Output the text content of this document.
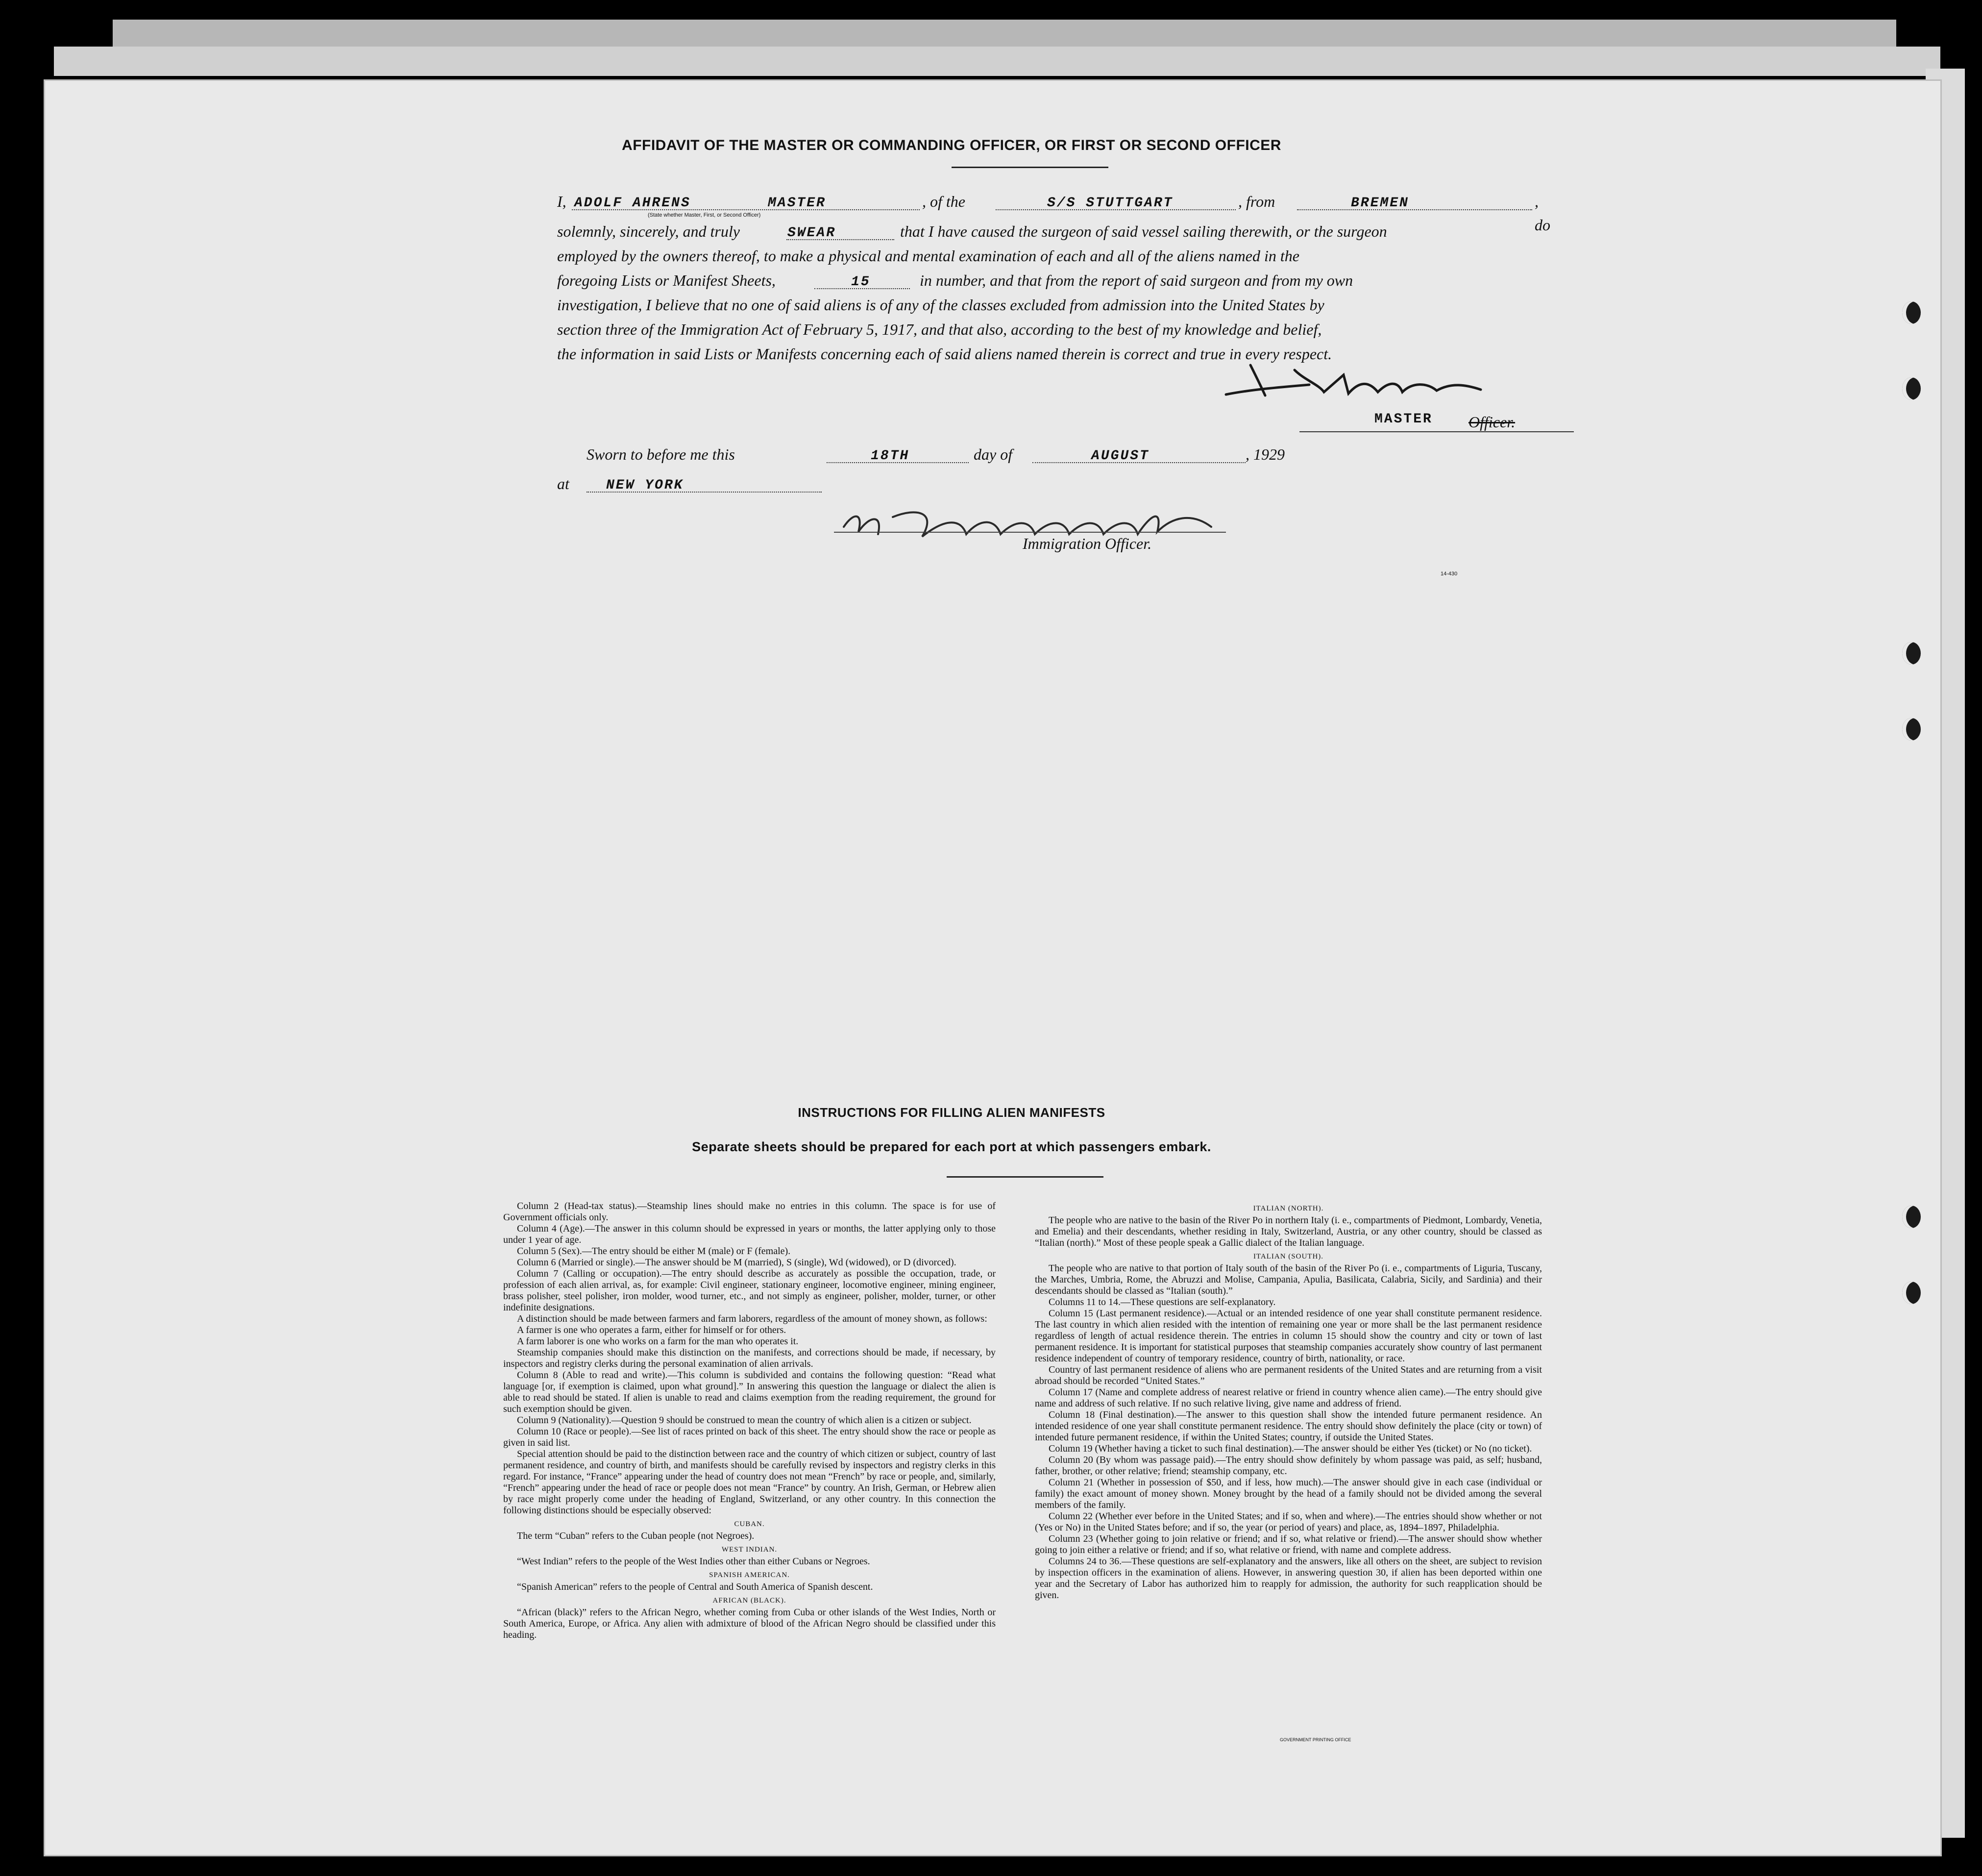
AFFIDAVIT OF THE MASTER OR COMMANDING OFFICER, OR FIRST OR SECOND OFFICER
I, ADOLF AHRENS	MASTER	, of the	S/S STUTTGART	, from	BREMEN	, do
(State whether Master, First, or Second Officer)
solemnly, sincerely, and truly	SWEAR	that I have caused the surgeon of said vessel sailing therewith, or the surgeon
employed by the owners thereof, to make a physical and mental examination of each and all of the aliens named in the
foregoing Lists or Manifest Sheets,	15	in number, and that from the report of said surgeon and from my own
investigation, I believe that no one of said aliens is of any of the classes excluded from admission into the United States by
section three of the Immigration Act of February 5, 1917, and that also, according to the best of my knowledge and belief,
the information in said Lists or Manifests concerning each of said aliens named therein is correct and true in every respect.
MASTER Officer.
Sworn to before me this	18TH	day of	AUGUST	, 1929
at	NEW YORK
Immigration Officer.
14-430
INSTRUCTIONS FOR FILLING ALIEN MANIFESTS
Separate sheets should be prepared for each port at which passengers embark.
Column 2 (Head-tax status).—Steamship lines should make no entries in this column. The space is for use of Government officials only.
Column 4 (Age).—The answer in this column should be expressed in years or months, the latter applying only to those under 1 year of age.
Column 5 (Sex).—The entry should be either M (male) or F (female).
Column 6 (Married or single).—The answer should be M (married), S (single), Wd (widowed), or D (divorced).
Column 7 (Calling or occupation).—The entry should describe as accurately as possible the occupation, trade, or profession of each alien arrival, as, for example: Civil engineer, stationary engineer, locomotive engineer, mining engineer, brass polisher, steel polisher, iron molder, wood turner, etc., and not simply as engineer, polisher, molder, turner, or other indefinite designations.
A distinction should be made between farmers and farm laborers, regardless of the amount of money shown, as follows:
A farmer is one who operates a farm, either for himself or for others.
A farm laborer is one who works on a farm for the man who operates it.
Steamship companies should make this distinction on the manifests, and corrections should be made, if necessary, by inspectors and registry clerks during the personal examination of alien arrivals.
Column 8 (Able to read and write).—This column is subdivided and contains the following question: “Read what language [or, if exemption is claimed, upon what ground].” In answering this question the language or dialect the alien is able to read should be stated. If alien is unable to read and claims exemption from the reading requirement, the ground for such exemption should be given.
Column 9 (Nationality).—Question 9 should be construed to mean the country of which alien is a citizen or subject.
Column 10 (Race or people).—See list of races printed on back of this sheet. The entry should show the race or people as given in said list.
Special attention should be paid to the distinction between race and the country of which citizen or subject, country of last permanent residence, and country of birth, and manifests should be carefully revised by inspectors and registry clerks in this regard. For instance, “France” appearing under the head of country does not mean “French” by race or people, and, similarly, “French” appearing under the head of race or people does not mean “France” by country. An Irish, German, or Hebrew alien by race might properly come under the heading of England, Switzerland, or any other country. In this connection the following distinctions should be especially observed:
CUBAN.
The term “Cuban” refers to the Cuban people (not Negroes).
WEST INDIAN.
“West Indian” refers to the people of the West Indies other than either Cubans or Negroes.
SPANISH AMERICAN.
“Spanish American” refers to the people of Central and South America of Spanish descent.
AFRICAN (BLACK).
“African (black)” refers to the African Negro, whether coming from Cuba or other islands of the West Indies, North or South America, Europe, or Africa. Any alien with admixture of blood of the African Negro should be classified under this heading.
ITALIAN (NORTH).
The people who are native to the basin of the River Po in northern Italy (i. e., compartments of Piedmont, Lombardy, Venetia, and Emelia) and their descendants, whether residing in Italy, Switzerland, Austria, or any other country, should be classed as “Italian (north).” Most of these people speak a Gallic dialect of the Italian language.
ITALIAN (SOUTH).
The people who are native to that portion of Italy south of the basin of the River Po (i. e., compartments of Liguria, Tuscany, the Marches, Umbria, Rome, the Abruzzi and Molise, Campania, Apulia, Basilicata, Calabria, Sicily, and Sardinia) and their descendants should be classed as “Italian (south).”
Columns 11 to 14.—These questions are self-explanatory.
Column 15 (Last permanent residence).—Actual or an intended residence of one year shall constitute permanent residence. The last country in which alien resided with the intention of remaining one year or more shall be the last permanent residence regardless of length of actual residence therein. The entries in column 15 should show the country and city or town of last permanent residence. It is important for statistical purposes that steamship companies accurately show country of last permanent residence independent of country of temporary residence, country of birth, nationality, or race.
Country of last permanent residence of aliens who are permanent residents of the United States and are returning from a visit abroad should be recorded “United States.”
Column 17 (Name and complete address of nearest relative or friend in country whence alien came).—The entry should give name and address of such relative. If no such relative living, give name and address of friend.
Column 18 (Final destination).—The answer to this question shall show the intended future permanent residence. An intended residence of one year shall constitute permanent residence. The entry should show definitely the place (city or town) of intended future permanent residence, if within the United States; country, if outside the United States.
Column 19 (Whether having a ticket to such final destination).—The answer should be either Yes (ticket) or No (no ticket).
Column 20 (By whom was passage paid).—The entry should show definitely by whom passage was paid, as self; husband, father, brother, or other relative; friend; steamship company, etc.
Column 21 (Whether in possession of $50, and if less, how much).—The answer should give in each case (individual or family) the exact amount of money shown. Money brought by the head of a family should not be divided among the several members of the family.
Column 22 (Whether ever before in the United States; and if so, when and where).—The entries should show whether or not (Yes or No) in the United States before; and if so, the year (or period of years) and place, as, 1894–1897, Philadelphia.
Column 23 (Whether going to join relative or friend; and if so, what relative or friend).—The answer should show whether going to join either a relative or friend; and if so, what relative or friend, with name and complete address.
Columns 24 to 36.—These questions are self-explanatory and the answers, like all others on the sheet, are subject to revision by inspection officers in the examination of aliens. However, in answering question 30, if alien has been deported within one year and the Secretary of Labor has authorized him to reapply for admission, the authority for such reapplication should be given.
GOVERNMENT PRINTING OFFICE
